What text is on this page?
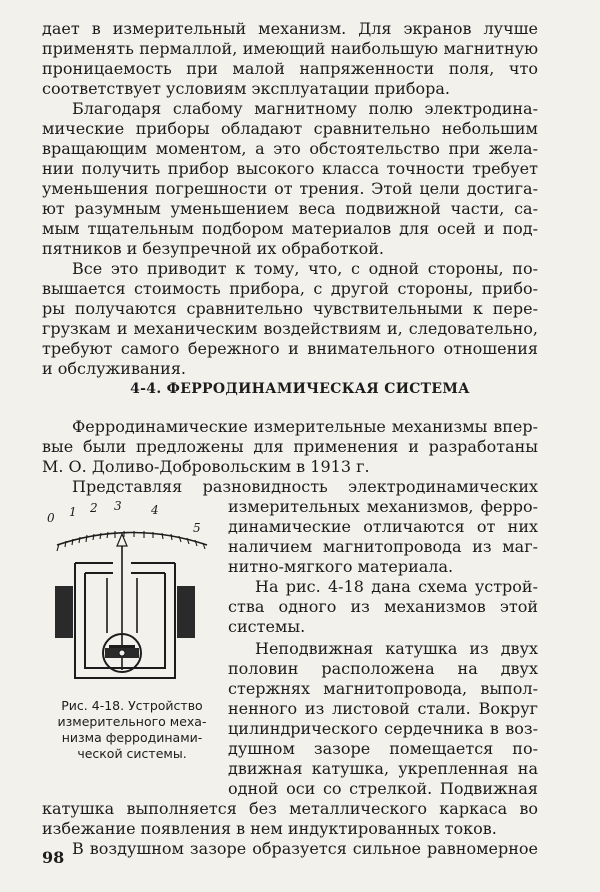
дает в измерительный механизм. Для экранов лучше
применять пермаллой, имеющий наибольшую магнитную
проницаемость при малой напряженности поля, что
соответствует условиям эксплуатации прибора.
Благодаря слабому магнитному полю электродина-
мические приборы обладают сравнительно небольшим
вращающим моментом, а это обстоятельство при жела-
нии получить прибор высокого класса точности требует
уменьшения погрешности от трения. Этой цели достига-
ют разумным уменьшением веса подвижной части, са-
мым тщательным подбором материалов для осей и под-
пятников и безупречной их обработкой.
Все это приводит к тому, что, с одной стороны, по-
вышается стоимость прибора, с другой стороны, прибо-
ры получаются сравнительно чувствительными к пере-
грузкам и механическим воздействиям и, следовательно,
требуют самого бережного и внимательного отношения
и обслуживания.
4-4. ФЕРРОДИНАМИЧЕСКАЯ СИСТЕМА
Ферродинамические измерительные механизмы впер-
вые были предложены для применения и разработаны
М. О. Доливо-Добровольским в 1913 г.
Представляя разновидность электродинамических
измерительных механизмов, ферро-
динамические отличаются от них
наличием магнитопровода из маг-
нитно-мягкого материала.
На рис. 4-18 дана схема устрой-
ства одного из механизмов этой
системы.
Неподвижная катушка из двух
половин расположена на двух
стержнях магнитопровода, выпол-
ненного из листовой стали. Вокруг
цилиндрического сердечника в воз-
душном зазоре помещается по-
движная катушка, укрепленная на
одной оси со стрелкой. Подвижная
катушка выполняется без металлического каркаса во
избежание появления в нем индуктированных токов.
В воздушном зазоре образуется сильное равномерное
0 1 2 3 4
5
Рис. 4-18. Устройство
измерительного меха-
низма ферродинами-
ческой системы.
98
